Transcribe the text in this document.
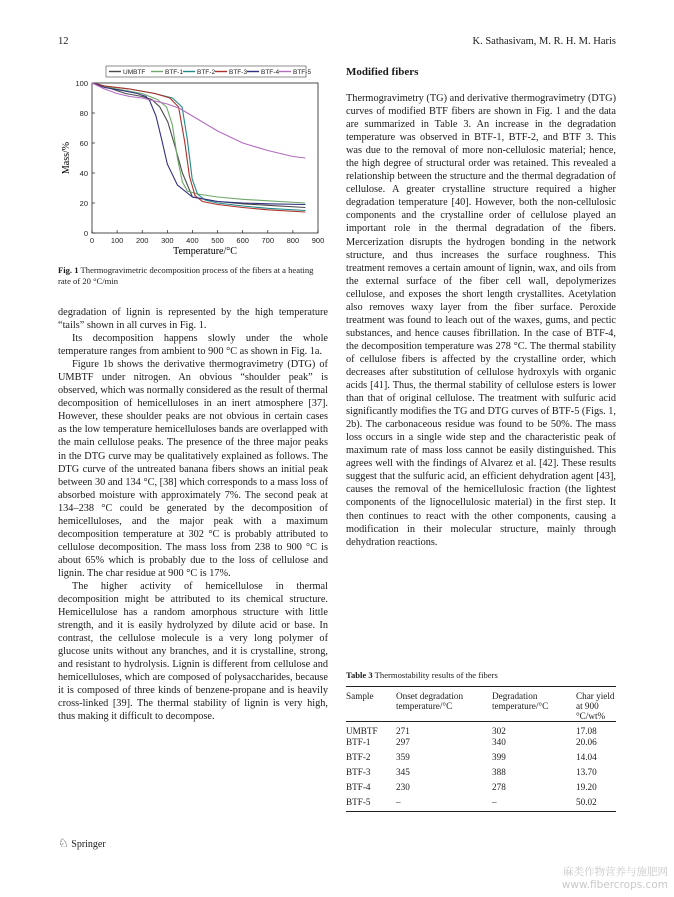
12	K. Sathasivam, M. R. H. M. Haris
UMBTF	BTF-1 BTF-2 BTF-3 BTF-4 BTF-5
0
20
40
60
80
100
0 100 200 300 400 500 600 700 800 900
Temperature/°C
Mass/%
Fig. 1 Thermogravimetric decomposition process of the fibers at a heating rate of 20 °C/min

degradation of lignin is represented by the high temperature “tails” shown in all curves in Fig. 1.

Its decomposition happens slowly under the whole temperature ranges from ambient to 900 °C as shown in Fig. 1a.

Figure 1b shows the derivative thermogravimetry (DTG) of UMBTF under nitrogen. An obvious “shoulder peak” is observed, which was normally considered as the result of thermal decomposition of hemicelluloses in an inert atmosphere [37]. However, these shoulder peaks are not obvious in certain cases as the low temperature hemicelluloses bands are overlapped with the main cellulose peaks. The presence of the three major peaks in the DTG curve may be qualitatively explained as follows. The DTG curve of the untreated banana fibers shows an initial peak between 30 and 134 °C, [38] which corresponds to a mass loss of absorbed moisture with approximately 7%. The second peak at 134–238 °C could be generated by the decomposition of hemicelluloses, and the major peak with a maximum decomposition temperature at 302 °C is probably attributed to cellulose decomposition. The mass loss from 238 to 900 °C is about 65% which is probably due to the loss of cellulose and lignin. The char residue at 900 °C is 17%.

The higher activity of hemicellulose in thermal decomposition might be attributed to its chemical structure. Hemicellulose has a random amorphous structure with little strength, and it is easily hydrolyzed by dilute acid or base. In contrast, the cellulose molecule is a very long polymer of glucose units without any branches, and it is crystalline, strong, and resistant to hydrolysis. Lignin is different from cellulose and hemicelluloses, which are composed of polysaccharides, because it is composed of three kinds of benzene-propane and is heavily cross-linked [39]. The thermal stability of lignin is very high, thus making it difficult to decompose.

Modified fibers

Thermogravimetry (TG) and derivative thermogravimetry (DTG) curves of modified BTF fibers are shown in Fig. 1 and the data are summarized in Table 3. An increase in the degradation temperature was observed in BTF-1, BTF-2, and BTF 3. This was due to the removal of more non-cellulosic material; hence, the high degree of structural order was retained. This revealed a relationship between the structure and the thermal degradation of cellulose. A greater crystalline structure required a higher degradation temperature [40]. However, both the non-cellulosic components and the crystalline order of cellulose played an important role in the thermal degradation of the fibers. Mercerization disrupts the hydrogen bonding in the network structure, and thus increases the surface roughness. This treatment removes a certain amount of lignin, wax, and oils from the external surface of the fiber cell wall, depolymerizes cellulose, and exposes the short length crystallites. Acetylation also removes waxy layer from the fiber surface. Peroxide treatment was found to leach out of the waxes, gums, and pectic substances, and hence causes fibrillation. In the case of BTF-4, the decomposition temperature was 278 °C. The thermal stability of cellulose fibers is affected by the crystalline order, which decreases after substitution of cellulose hydroxyls with organic acids [41]. Thus, the thermal stability of cellulose esters is lower than that of original cellulose. The treatment with sulfuric acid significantly modifies the TG and DTG curves of BTF-5 (Figs. 1, 2b). The carbonaceous residue was found to be 50%. The mass loss occurs in a single wide step and the characteristic peak of maximum rate of mass loss cannot be easily distinguished. This agrees well with the findings of Alvarez et al. [42]. These results suggest that the sulfuric acid, an efficient dehydration agent [43], causes the removal of the hemicellulosic fraction (the lightest components of the lignocellulosic material) in the first step. It then continues to react with the other components, causing a modification in their molecular structure, mainly through dehydration reactions.

Table 3 Thermostability results of the fibers
Sample	Onset degradation temperature/°C	Degradation temperature/°C	Char yield at 900 °C/wt%
UMBTF	271	302	17.08
BTF-1	297	340	20.06
BTF-2	359	399	14.04
BTF-3	345	388	13.70
BTF-4	230	278	19.20
BTF-5	–	–	50.02
♘ Springer
麻类作物营养与施肥网
www.fibercrops.com
